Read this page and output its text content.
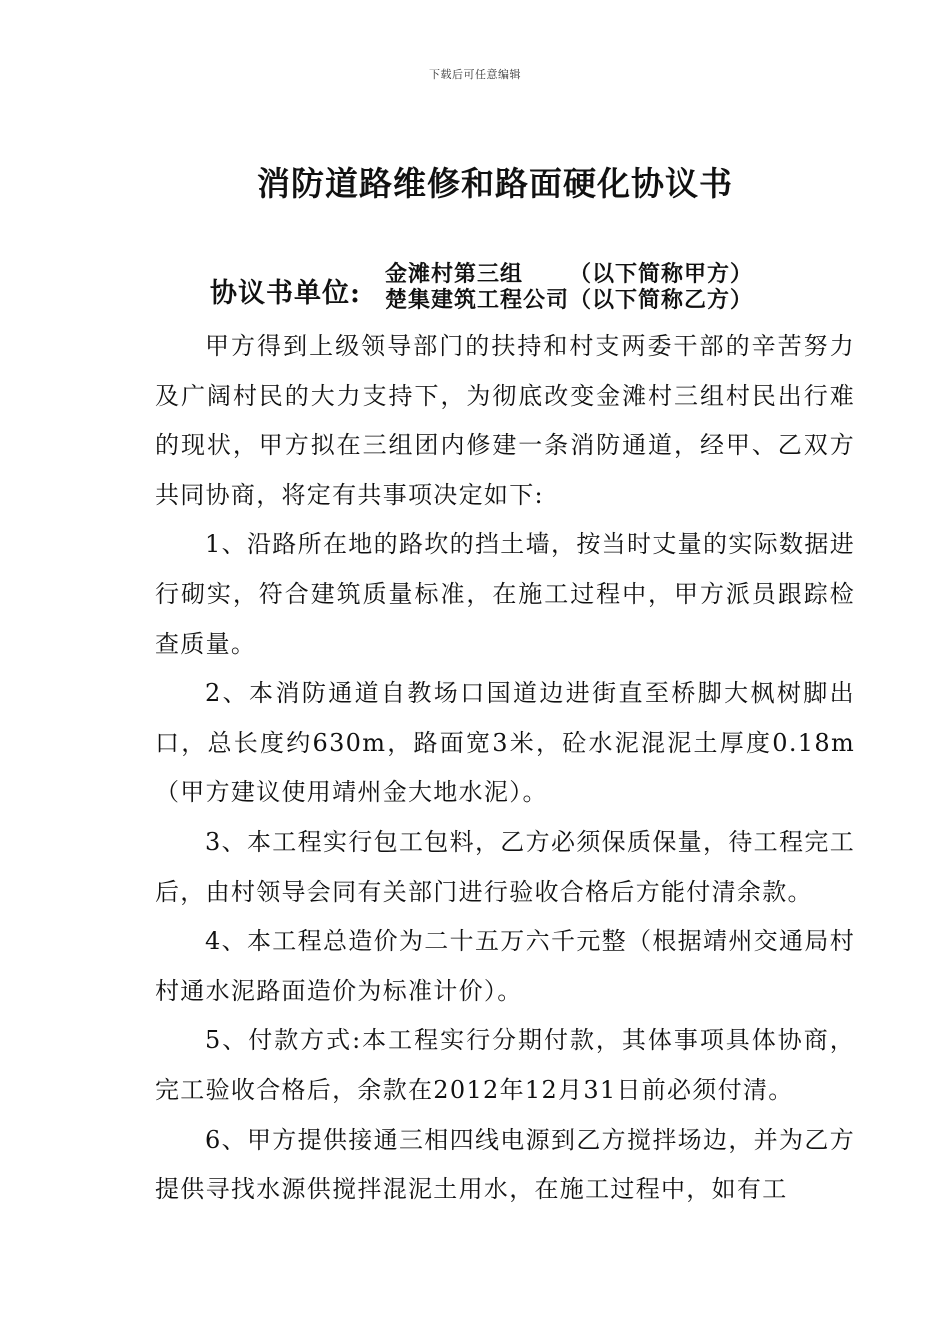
下载后可任意编辑
消防道路维修和路面硬化协议书
协议书单位:
金滩村第三组 （以下简称甲方）
楚集建筑工程公司（以下简称乙方）

甲方得到上级领导部门的扶持和村支两委干部的辛苦努力及广阔村民的大力支持下，为彻底改变金滩村三组村民出行难的现状，甲方拟在三组团内修建一条消防通道，经甲、乙双方共同协商，将定有共事项决定如下:

1、沿路所在地的路坎的挡土墙，按当时丈量的实际数据进行砌实，符合建筑质量标准，在施工过程中，甲方派员跟踪检查质量。

2、本消防通道自教场口国道边进街直至桥脚大枫树脚出口，总长度约630m，路面宽3米，砼水泥混泥土厚度0.18m（甲方建议使用靖州金大地水泥）。

3、本工程实行包工包料，乙方必须保质保量，待工程完工后，由村领导会同有关部门进行验收合格后方能付清余款。

4、本工程总造价为二十五万六千元整（根据靖州交通局村村通水泥路面造价为标准计价）。

5、付款方式:本工程实行分期付款，其体事项具体协商，完工验收合格后，余款在2012年12月31日前必须付清。

6、甲方提供接通三相四线电源到乙方搅拌场边，并为乙方提供寻找水源供搅拌混泥土用水，在施工过程中，如有工
